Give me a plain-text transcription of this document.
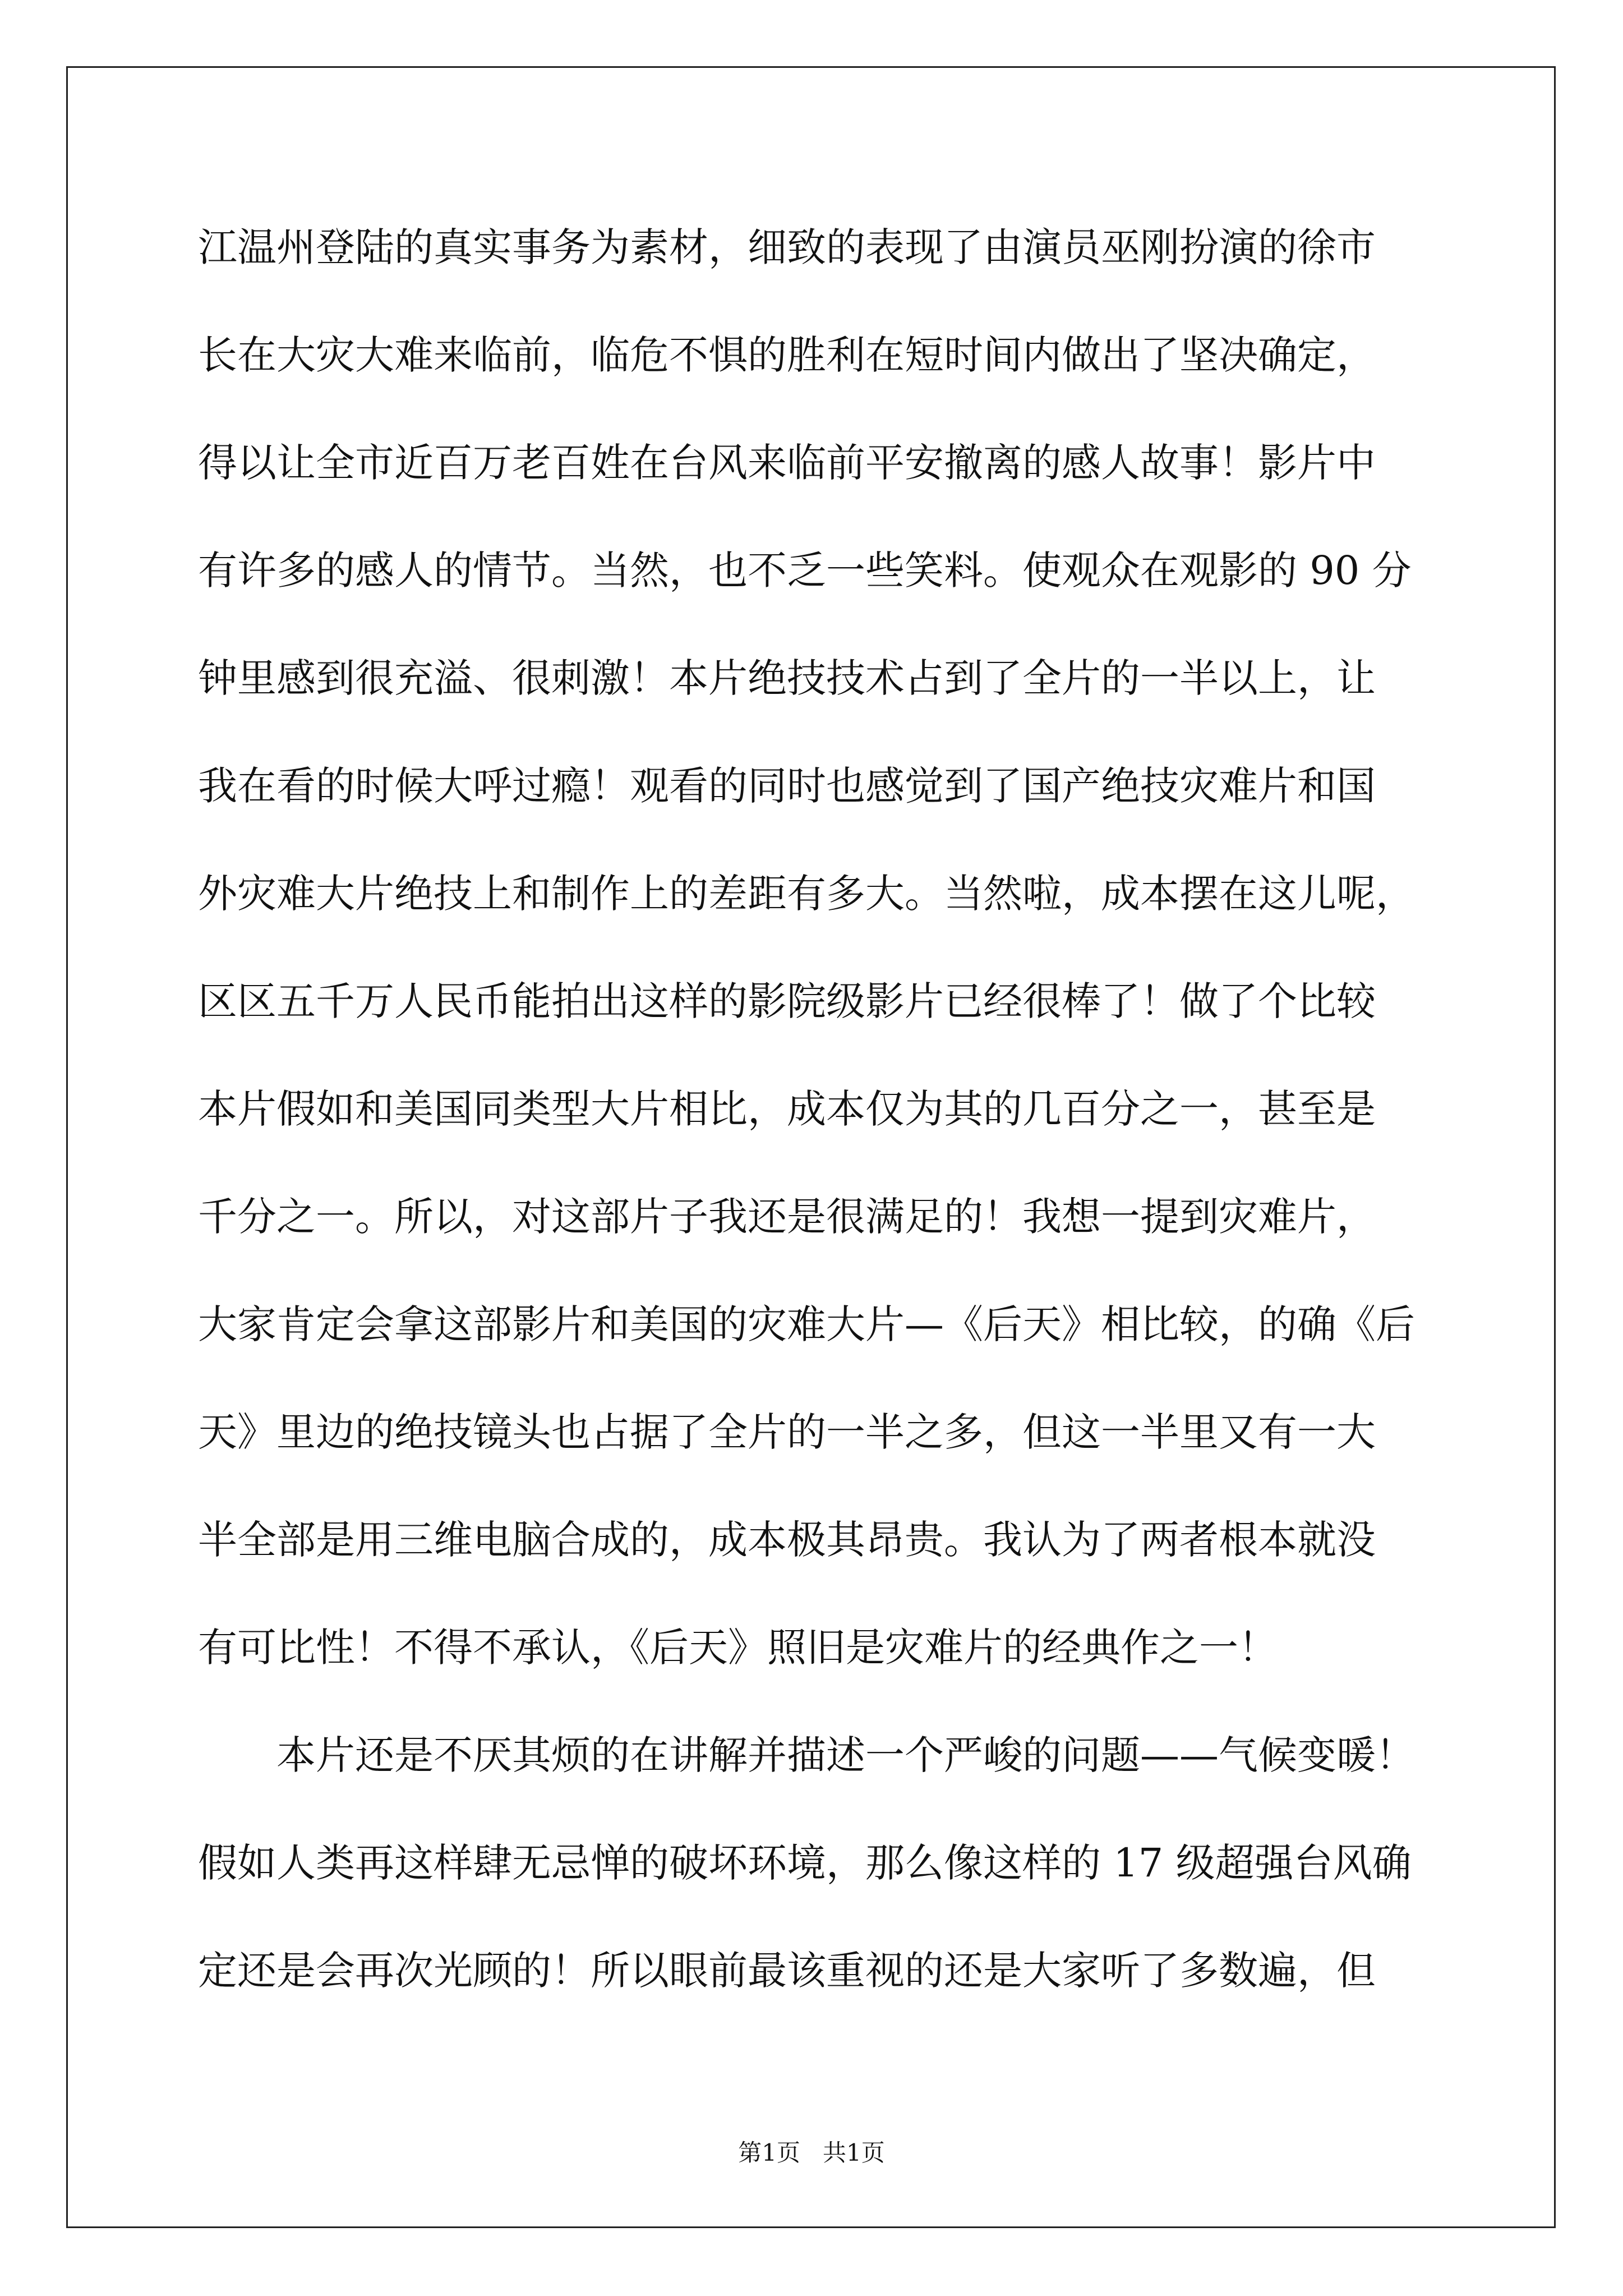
江温州登陆的真实事务为素材，细致的表现了由演员巫刚扮演的徐市
长在大灾大难来临前，临危不惧的胜利在短时间内做出了坚决确定，
得以让全市近百万老百姓在台风来临前平安撤离的感人故事！影片中
有许多的感人的情节。当然，也不乏一些笑料。使观众在观影的 90 分
钟里感到很充溢、很刺激！本片绝技技术占到了全片的一半以上，让
我在看的时候大呼过瘾！观看的同时也感觉到了国产绝技灾难片和国
外灾难大片绝技上和制作上的差距有多大。当然啦，成本摆在这儿呢，
区区五千万人民币能拍出这样的影院级影片已经很棒了！做了个比较
本片假如和美国同类型大片相比，成本仅为其的几百分之一，甚至是
千分之一。所以，对这部片子我还是很满足的！我想一提到灾难片，
大家肯定会拿这部影片和美国的灾难大片—《后天》相比较，的确《后
天》里边的绝技镜头也占据了全片的一半之多，但这一半里又有一大
半全部是用三维电脑合成的，成本极其昂贵。我认为了两者根本就没
有可比性！不得不承认，《后天》照旧是灾难片的经典作之一！
本片还是不厌其烦的在讲解并描述一个严峻的问题——气候变暖！
假如人类再这样肆无忌惮的破坏环境，那么像这样的 17 级超强台风确
定还是会再次光顾的！所以眼前最该重视的还是大家听了多数遍，但
第1页   共1页
